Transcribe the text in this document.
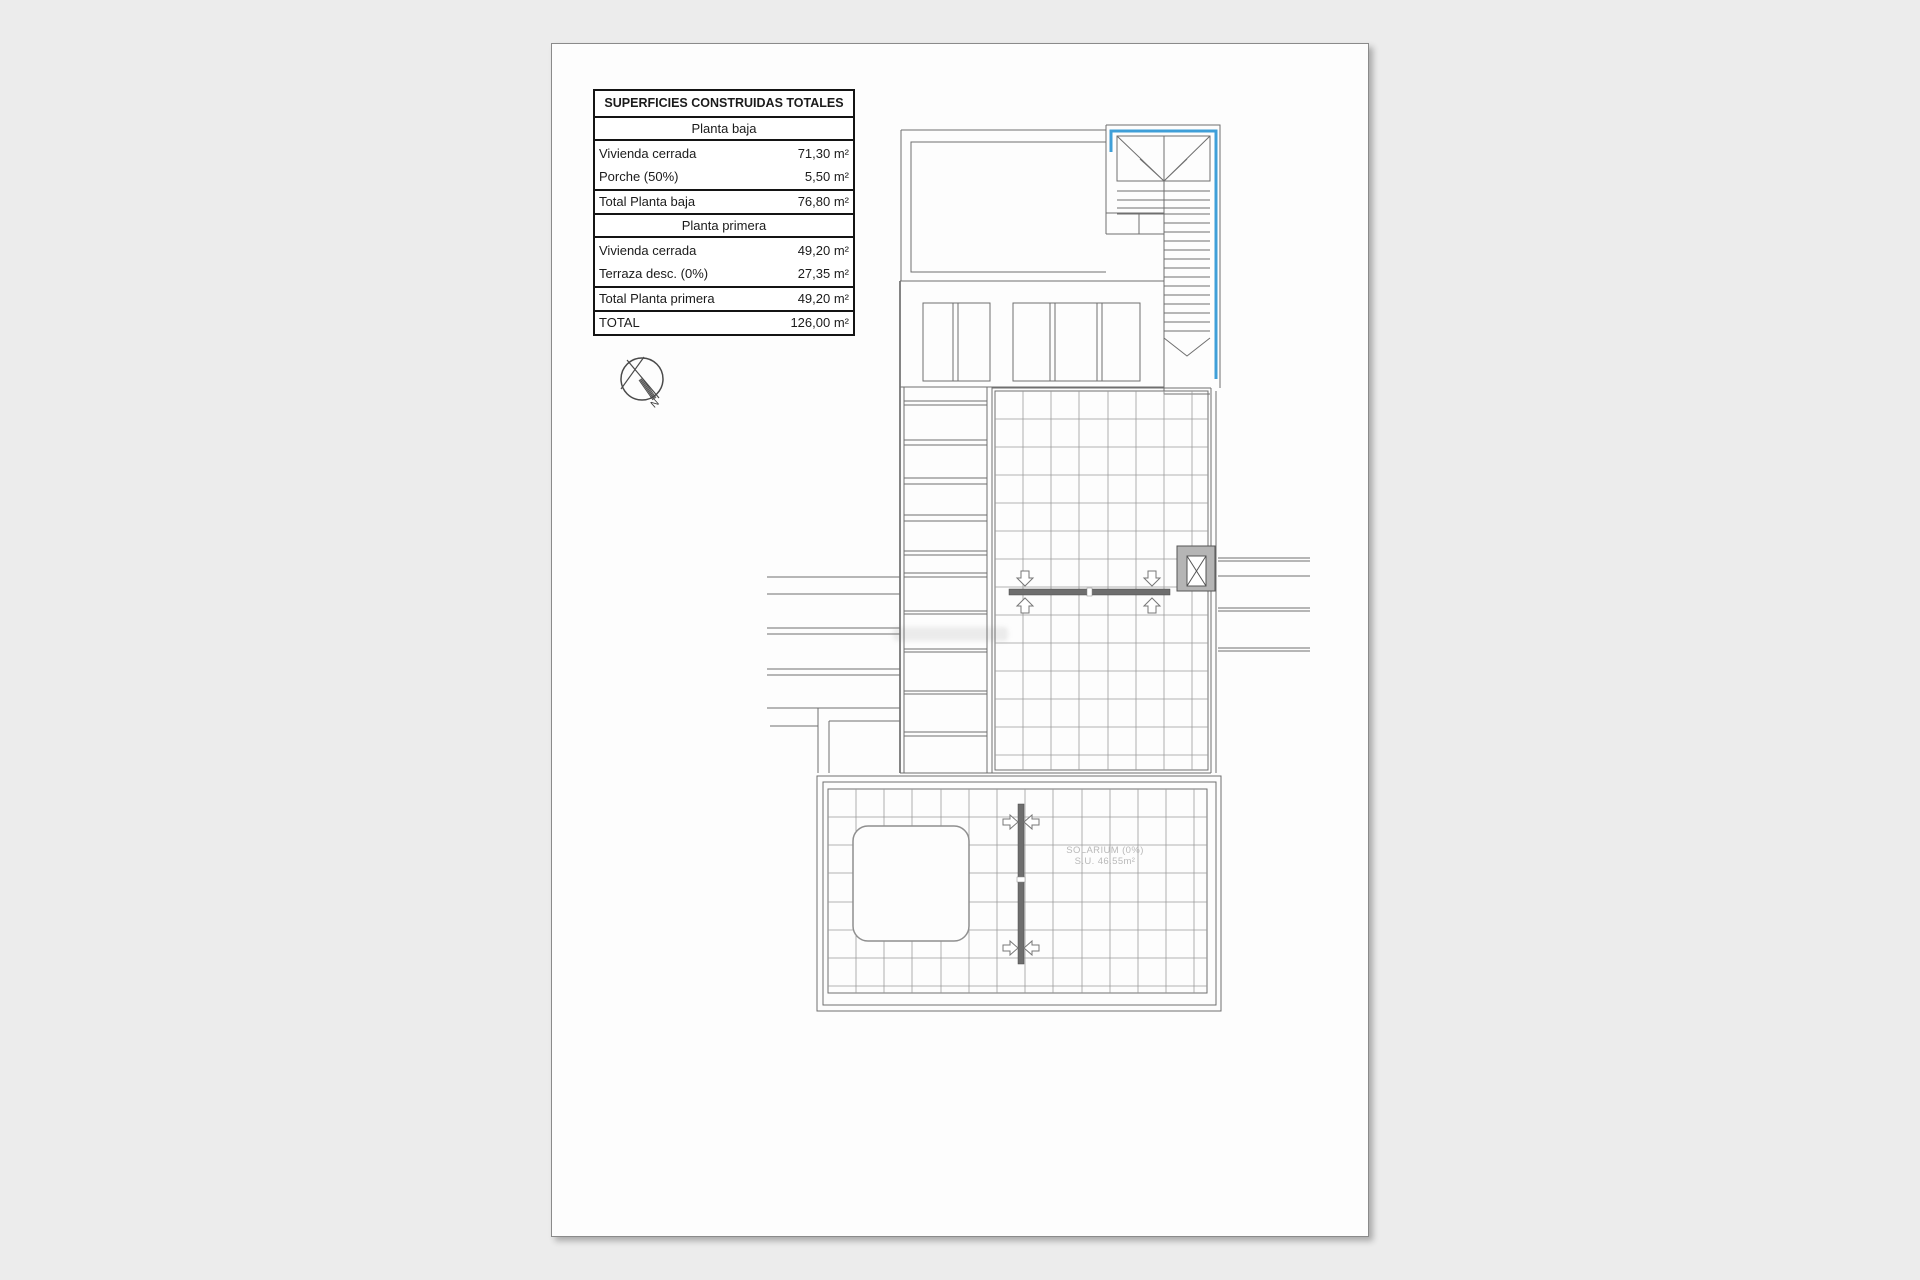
SUPERFICIES CONSTRUIDAS TOTALES
Planta baja
Vivienda cerrada	71,30 m²
Porche (50%)	5,50 m²
Total Planta baja	76,80 m²
Planta primera
Vivienda cerrada	49,20 m²
Terraza desc. (0%)	27,35 m²
Total Planta primera	49,20 m²
TOTAL	126,00 m²
N
SOLARIUM (0%)
S.U. 46.55m²
